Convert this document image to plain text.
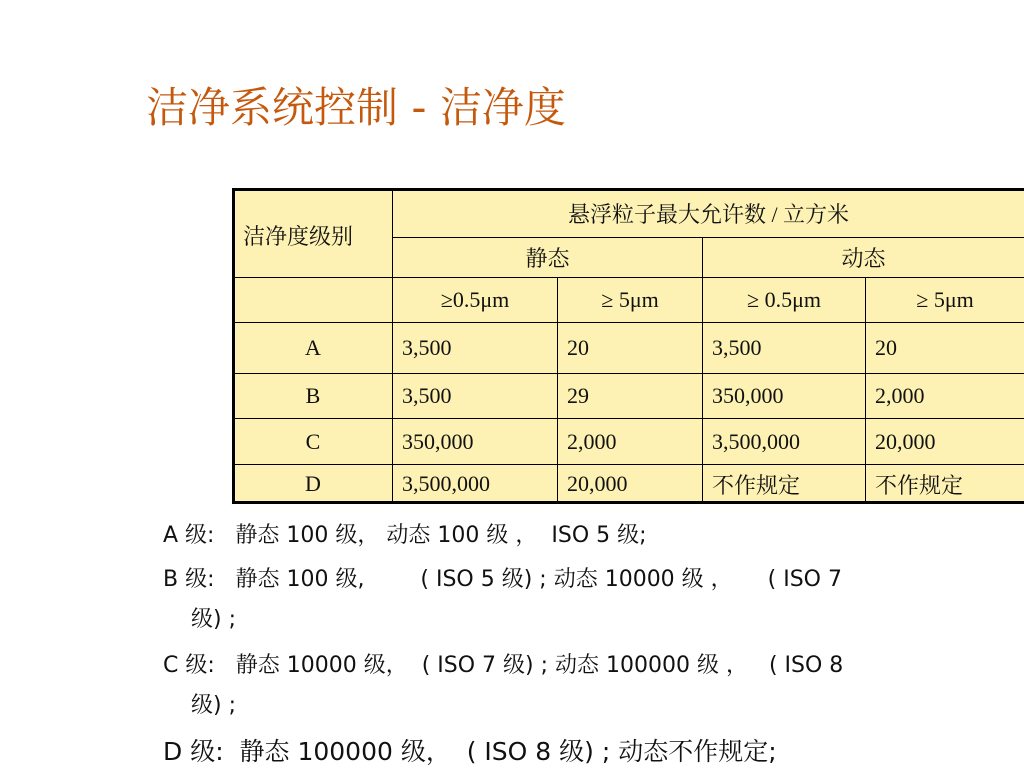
洁净系统控制 - 洁净度
洁净度级别	悬浮粒子最大允许数 / 立方米			
	静态		动态	
	≥0.5μm	≥ 5μm	≥ 0.5μm	≥ 5μm
A	3,500	20	3,500	20
B	3,500	29	350,000	2,000
C	350,000	2,000	3,500,000	20,000
D	3,500,000	20,000	不作规定	不作规定
A 级:   静态 100 级， 动态 100 级 ，  ISO 5 级;
B 级:   静态 100 级,        ( ISO 5 级) ; 动态 10000 级 ，     ( ISO 7
级) ;
C 级:   静态 10000 级，  ( ISO 7 级) ; 动态 100000 级 ，   ( ISO 8
级) ;
D 级:  静态 100000 级，  ( ISO 8 级) ; 动态不作规定;
